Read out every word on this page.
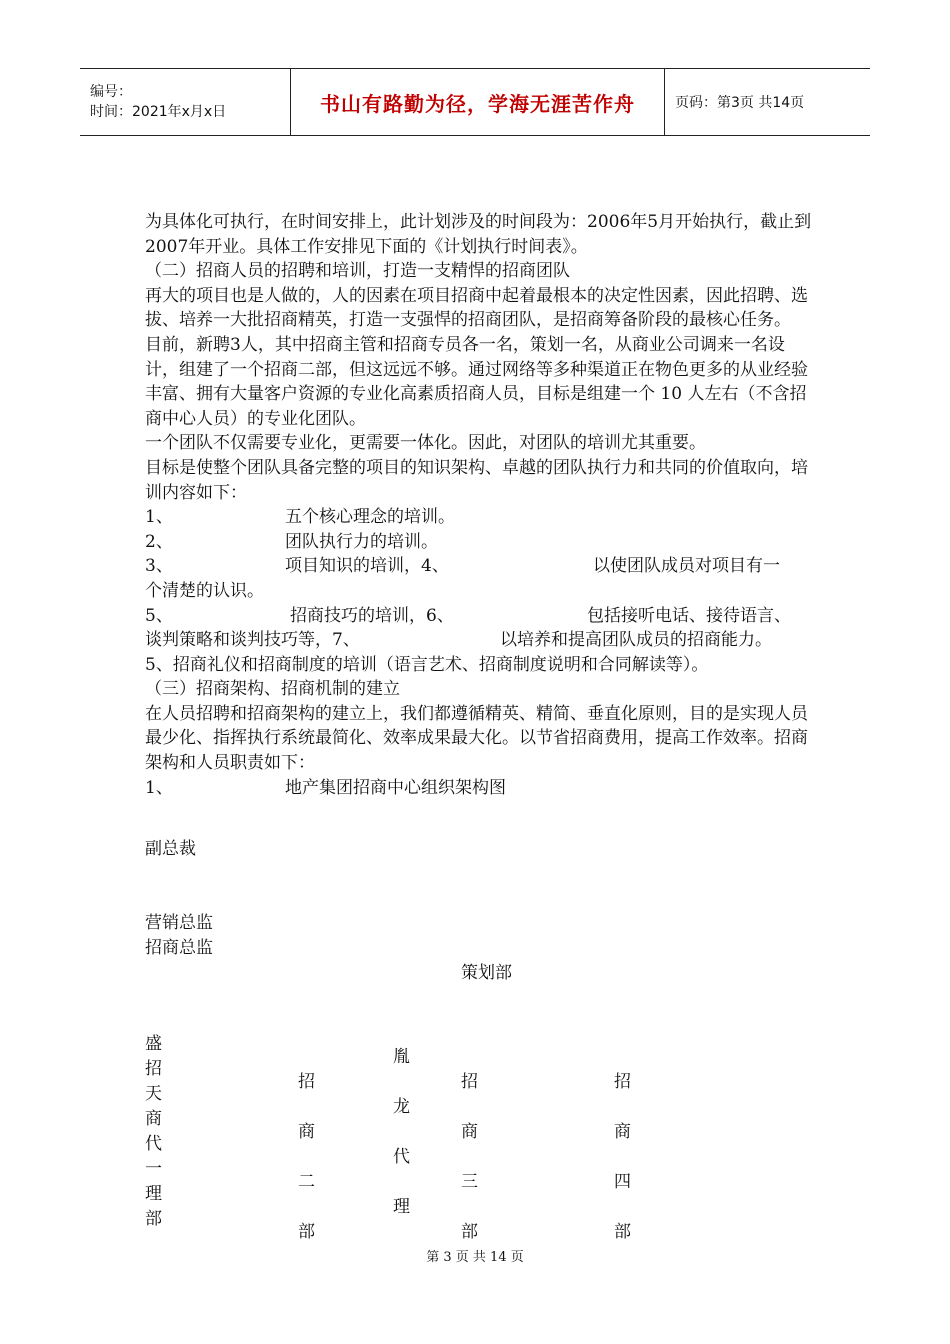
编号：
时间：2021年x月x日	书山有路勤为径，学海无涯苦作舟	页码：第3页 共14页

为具体化可执行，在时间安排上，此计划涉及的时间段为：2006年5月开始执行，截止到2007年开业。具体工作安排见下面的《计划执行时间表》。

（二）招商人员的招聘和培训，打造一支精悍的招商团队

再大的项目也是人做的，人的因素在项目招商中起着最根本的决定性因素，因此招聘、选拔、培养一大批招商精英，打造一支强悍的招商团队，是招商筹备阶段的最核心任务。

目前，新聘3人，其中招商主管和招商专员各一名，策划一名，从商业公司调来一名设计，组建了一个招商二部，但这远远不够。通过网络等多种渠道正在物色更多的从业经验丰富、拥有大量客户资源的专业化高素质招商人员，目标是组建一个 10 人左右（不含招商中心人员）的专业化团队。

一个团队不仅需要专业化，更需要一体化。因此，对团队的培训尤其重要。

目标是使整个团队具备完整的项目的知识架构、卓越的团队执行力和共同的价值取向，培训内容如下：

1、	五个核心理念的培训。
2、	团队执行力的培训。
3、	项目知识的培训，4、	以使团队成员对项目有一

个清楚的认识。

5、	招商技巧的培训，6、	包括接听电话、接待语言、
谈判策略和谈判技巧等，7、	以培养和提高团队成员的招商能力。

5、招商礼仪和招商制度的培训（语言艺术、招商制度说明和合同解读等）。

（三）招商架构、招商机制的建立

在人员招聘和招商架构的建立上，我们都遵循精英、精简、垂直化原则，目的是实现人员最少化、指挥执行系统最简化、效率成果最大化。以节省招商费用，提高工作效率。招商架构和人员职责如下：

1、	地产集团招商中心组织架构图
副总裁
营销总监
招商总监
策划部
盛
招
天
商
代
一
理
部
招
商
二
部
胤
龙
代
理
招
商
三
部
招
商
四
部
第 3 页 共 14 页
